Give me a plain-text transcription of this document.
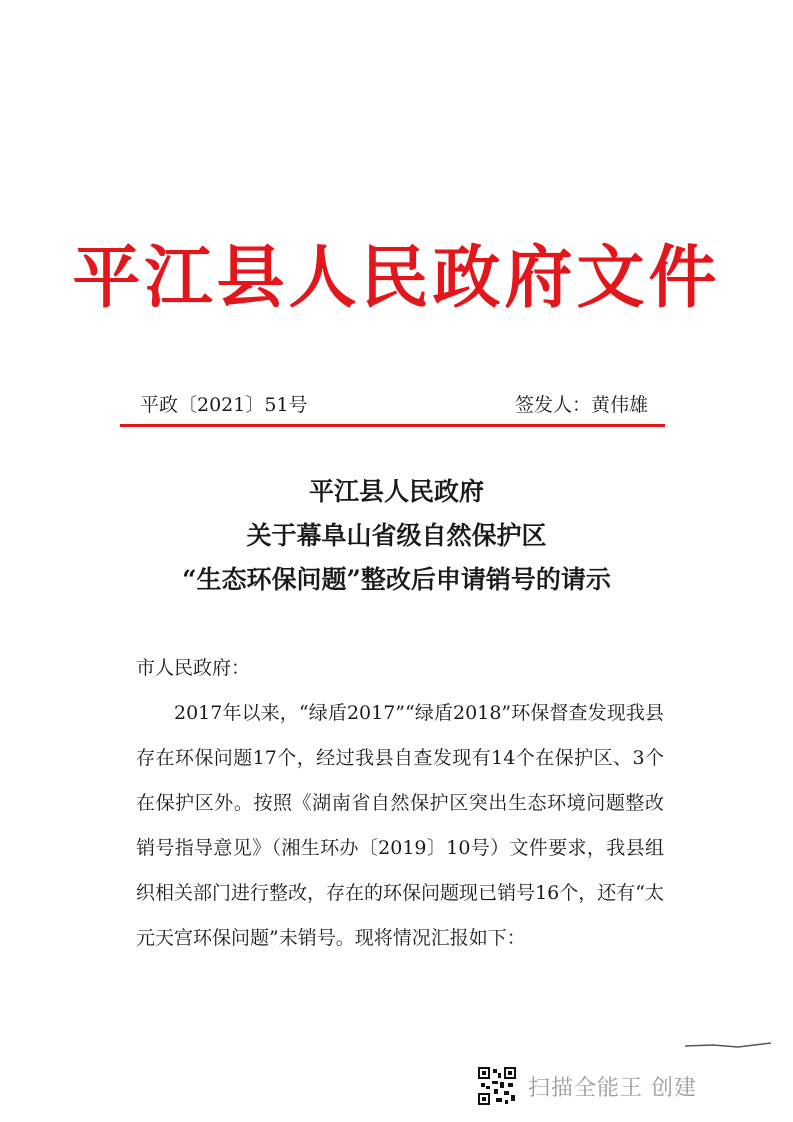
平江县人民政府文件
平政〔2021〕51号	签发人：黄伟雄
平江县人民政府
关于幕阜山省级自然保护区
“生态环保问题”整改后申请销号的请示

市人民政府：

2017年以来，“绿盾2017”“绿盾2018”环保督查发现我县存在环保问题17个，经过我县自查发现有14个在保护区、3个在保护区外。按照《湖南省自然保护区突出生态环境问题整改销号指导意见》（湘生环办〔2019〕10号）文件要求，我县组织相关部门进行整改，存在的环保问题现已销号16个，还有“太元天宫环保问题”未销号。现将情况汇报如下：

扫描全能王 创建
